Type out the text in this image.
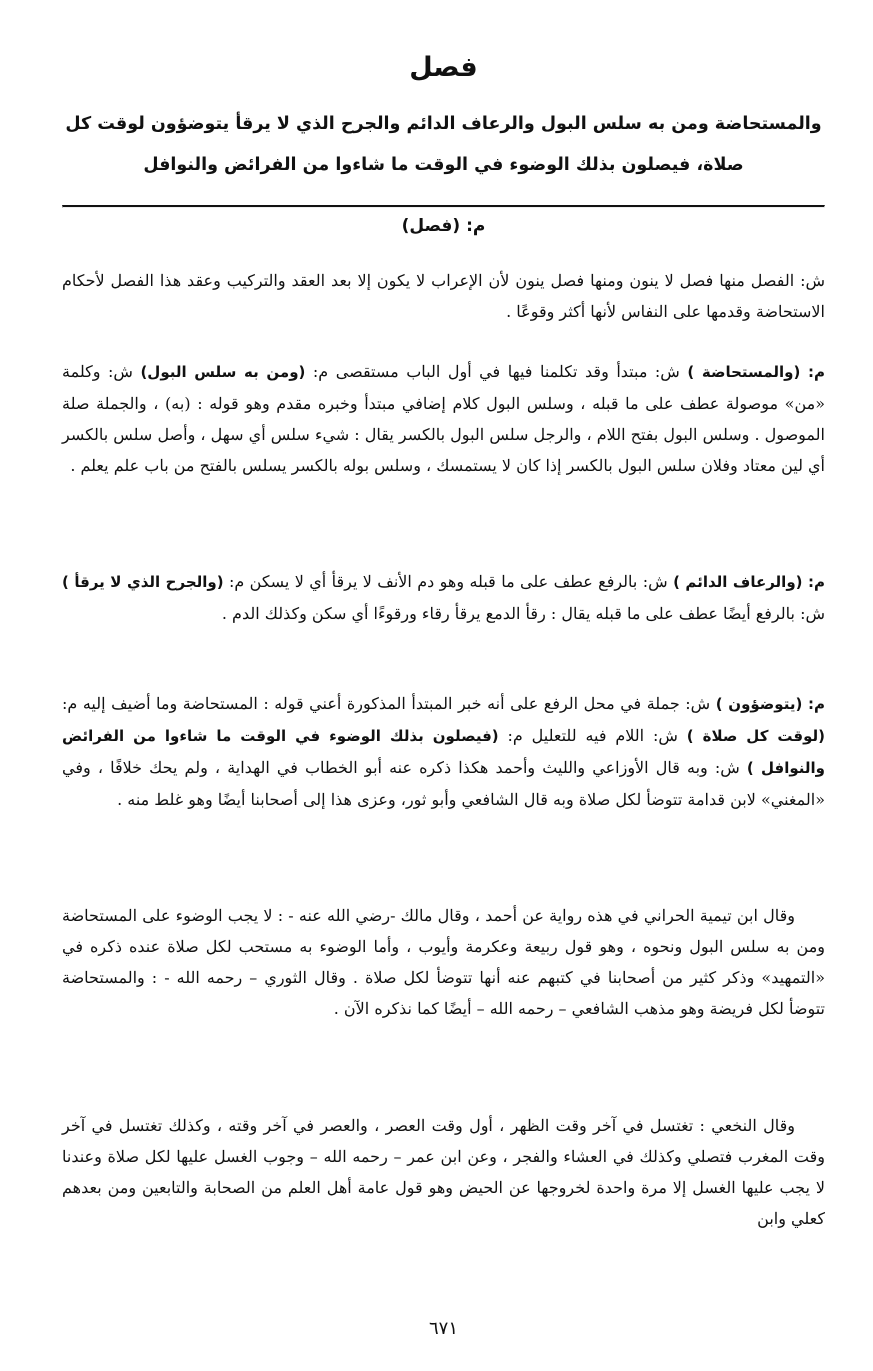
فصل

والمستحاضة ومن به سلس البول والرعاف الدائم والجرح الذي لا يرقأ يتوضؤون لوقت كل صلاة، فيصلون بذلك الوضوء في الوقت ما شاءوا من الفرائض والنوافل

م: (فصل)

ش: الفصل منها فصل لا ينون ومنها فصل ينون لأن الإعراب لا يكون إلا بعد العقد والتركيب وعقد هذا الفصل لأحكام الاستحاضة وقدمها على النفاس لأنها أكثر وقوعًا .

م: (والمستحاضة ) ش: مبتدأ وقد تكلمنا فيها في أول الباب مستقصى م: (ومن به سلس البول) ش: وكلمة «من» موصولة عطف على ما قبله ، وسلس البول كلام إضافي مبتدأ وخبره مقدم وهو قوله : (به) ، والجملة صلة الموصول . وسلس البول بفتح اللام ، والرجل سلس البول بالكسر يقال : شيء سلس أي سهل ، وأصل سلس بالكسر أي لين معتاد وفلان سلس البول بالكسر إذا كان لا يستمسك ، وسلس بوله بالكسر يسلس بالفتح من باب علم يعلم .

م: (والرعاف الدائم ) ش: بالرفع عطف على ما قبله وهو دم الأنف لا يرقأ أي لا يسكن م: (والجرح الذي لا يرقأ ) ش: بالرفع أيضًا عطف على ما قبله يقال : رقأ الدمع يرقأ رقاء ورقوءًا أي سكن وكذلك الدم .

م: (يتوضؤون ) ش: جملة في محل الرفع على أنه خبر المبتدأ المذكورة أعني قوله : المستحاضة وما أضيف إليه م: (لوقت كل صلاة ) ش: اللام فيه للتعليل م: (فيصلون بذلك الوضوء في الوقت ما شاءوا من الفرائض والنوافل ) ش: وبه قال الأوزاعي والليث وأحمد هكذا ذكره عنه أبو الخطاب في الهداية ، ولم يحك خلافًا ، وفي «المغني» لابن قدامة تتوضأ لكل صلاة وبه قال الشافعي وأبو ثور، وعزى هذا إلى أصحابنا أيضًا وهو غلط منه .

وقال ابن تيمية الحراني في هذه رواية عن أحمد ، وقال مالك -رضي الله عنه - : لا يجب الوضوء على المستحاضة ومن به سلس البول ونحوه ، وهو قول ربيعة وعكرمة وأيوب ، وأما الوضوء به مستحب لكل صلاة عنده ذكره في «التمهيد» وذكر كثير من أصحابنا في كتبهم عنه أنها تتوضأ لكل صلاة . وقال الثوري – رحمه الله - : والمستحاضة تتوضأ لكل فريضة وهو مذهب الشافعي – رحمه الله – أيضًا كما نذكره الآن .

وقال النخعي : تغتسل في آخر وقت الظهر ، أول وقت العصر ، والعصر في آخر وقته ، وكذلك تغتسل في آخر وقت المغرب فتصلي وكذلك في العشاء والفجر ، وعن ابن عمر – رحمه الله – وجوب الغسل عليها لكل صلاة وعندنا لا يجب عليها الغسل إلا مرة واحدة لخروجها عن الحيض وهو قول عامة أهل العلم من الصحابة والتابعين ومن بعدهم كعلي وابن

٦٧١
